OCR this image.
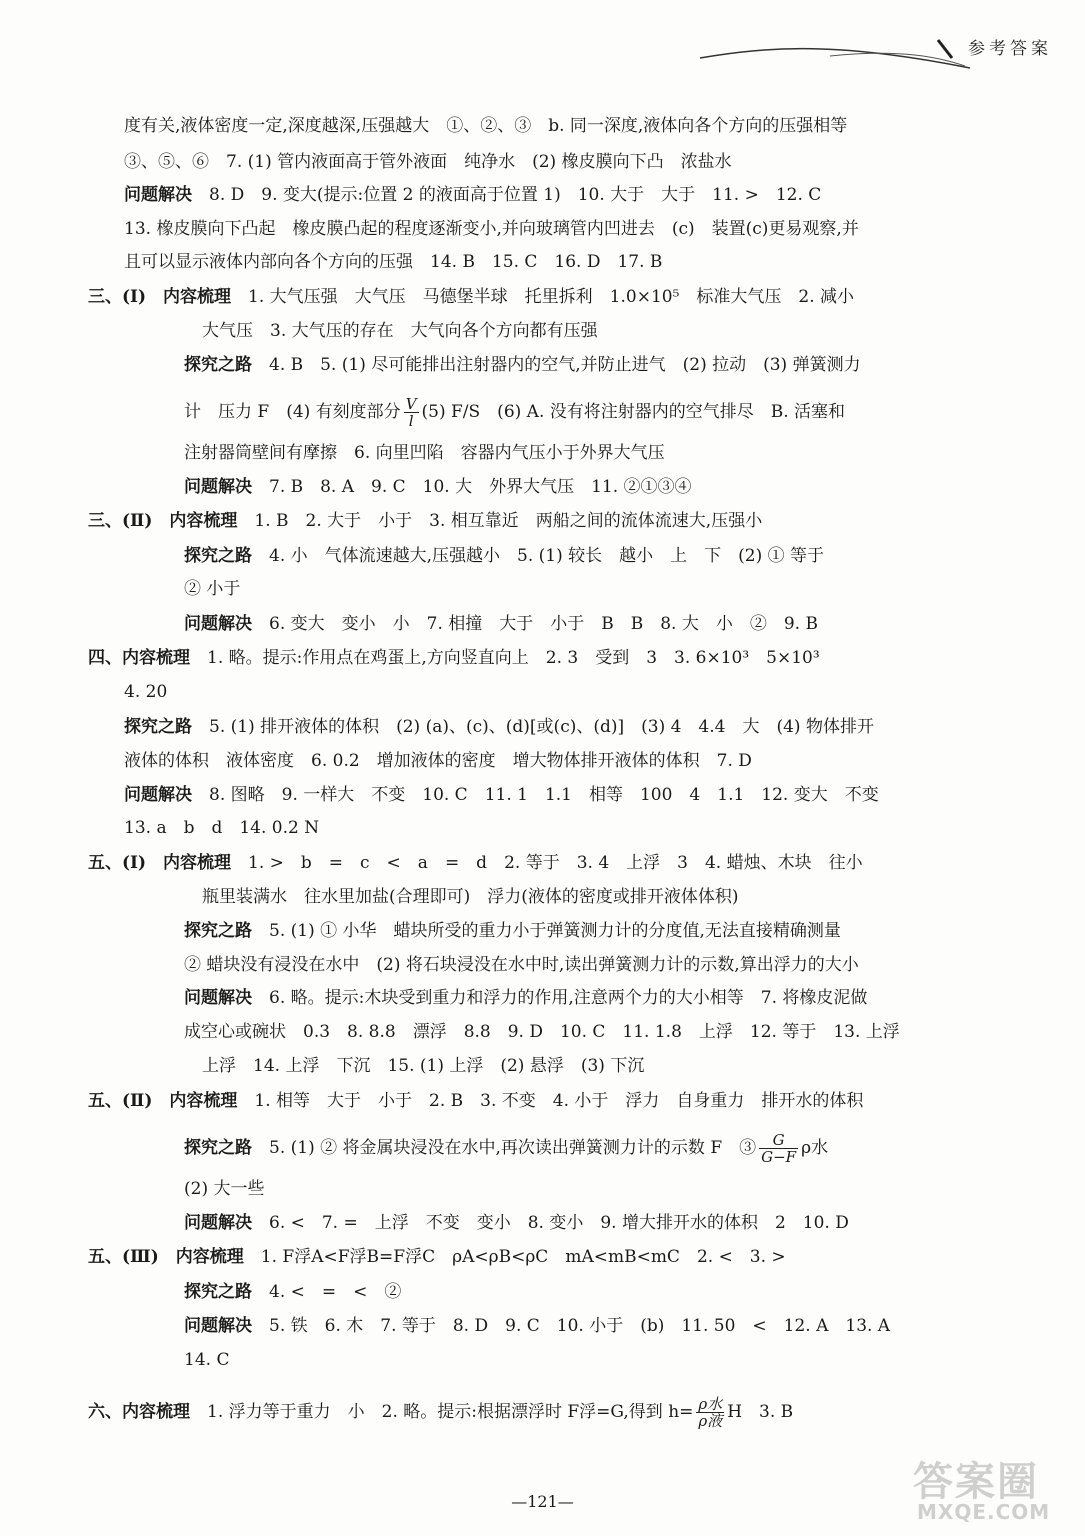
参考答案
度有关,液体密度一定,深度越深,压强越大　①、②、③　b. 同一深度,液体向各个方向的压强相等
③、⑤、⑥　7. (1) 管内液面高于管外液面　纯净水　(2) 橡皮膜向下凸　浓盐水
问题解决　 8. D　9. 变大(提示:位置 2 的液面高于位置 1)　10. 大于　大于　11. >　12. C
13. 橡皮膜向下凸起　橡皮膜凸起的程度逐渐变小,并向玻璃管内凹进去　(c)　装置(c)更易观察,并
且可以显示液体内部向各个方向的压强　14. B　15. C　16. D　17. B
三、(Ⅰ)　 内容梳理　 1. 大气压强　大气压　马德堡半球　托里拆利　1.0×10⁵　标准大气压　2. 减小
大气压　3. 大气压的存在　大气向各个方向都有压强
探究之路　 4. B　5. (1) 尽可能排出注射器内的空气,并防止进气　(2) 拉动　(3) 弹簧测力
计　压力 F　(4) 有刻度部分 $\frac{V}{l} (5)$ F/S　(6) A. 没有将注射器内的空气排尽　B. 活塞和
注射器筒壁间有摩擦　6. 向里凹陷　容器内气压小于外界大气压
问题解决　 7. B　8. A　9. C　10. 大　外界大气压　11. ②①③④
三、(Ⅱ)　 内容梳理　 1. B　2. 大于　小于　3. 相互靠近　两船之间的流体流速大,压强小
探究之路　 4. 小　气体流速越大,压强越小　5. (1) 较长　越小　上　下　(2) ① 等于
② 小于
问题解决　 6. 变大　变小　小　7. 相撞　大于　小于　B　B　8. 大　小　②　9. B
四、内容梳理　 1. 略。提示:作用点在鸡蛋上,方向竖直向上　2. 3　受到　3　3. 6×10³　5×10³
4. 20
探究之路　 5. (1) 排开液体的体积　(2) (a)、(c)、(d)[或(c)、(d)]　(3) 4　4.4　大　(4) 物体排开
液体的体积　液体密度　6. 0.2　增加液体的密度　增大物体排开液体的体积　7. D
问题解决　 8. 图略　9. 一样大　不变　10. C　11. 1　1.1　相等　100　4　1.1　12. 变大　不变
13. a　b　d　14. 0.2 N
五、(Ⅰ)　 内容梳理　 1. >　b　=　c　<　a　=　d　2. 等于　3. 4　上浮　3　4. 蜡烛、木块　往小
瓶里装满水　往水里加盐(合理即可)　浮力(液体的密度或排开液体体积)
探究之路　 5. (1) ① 小华　蜡块所受的重力小于弹簧测力计的分度值,无法直接精确测量
② 蜡块没有浸没在水中　(2) 将石块浸没在水中时,读出弹簧测力计的示数,算出浮力的大小
问题解决　 6. 略。提示:木块受到重力和浮力的作用,注意两个力的大小相等　7. 将橡皮泥做
成空心或碗状　0.3　8. 8.8　漂浮　8.8　9. D　10. C　11. 1.8　上浮　12. 等于　13. 上浮
上浮　14. 上浮　下沉　15. (1) 上浮　(2) 悬浮　(3) 下沉
五、(Ⅱ)　 内容梳理　 1. 相等　大于　小于　2. B　3. 不变　4. 小于　浮力　自身重力　排开水的体积
探究之路　 5. (1) ② 将金属块浸没在水中,再次读出弹簧测力计的示数 F　③ $\frac{G}{G-F}$ ρ水
(2) 大一些
问题解决　 6. <　7. =　上浮　不变　变小　8. 变小　9. 增大排开水的体积　2　10. D
五、(Ⅲ)　 内容梳理　 1. F浮A<F浮B=F浮C　ρA<ρB<ρC　mA<mB<mC　2. <　3. >
探究之路　 4. <　=　<　②
问题解决　 5. 铁　6. 木　7. 等于　8. D　9. C　10. 小于　(b)　11. 50　<　12. A　13. A
14. C
六、内容梳理　 1. 浮力等于重力　小　2. 略。提示:根据漂浮时 F浮=G,得到 $h= \frac{\text{ρ水}}{\text{ρ液}}$ H　3. B
—121—	答案圈
MXQE.COM
